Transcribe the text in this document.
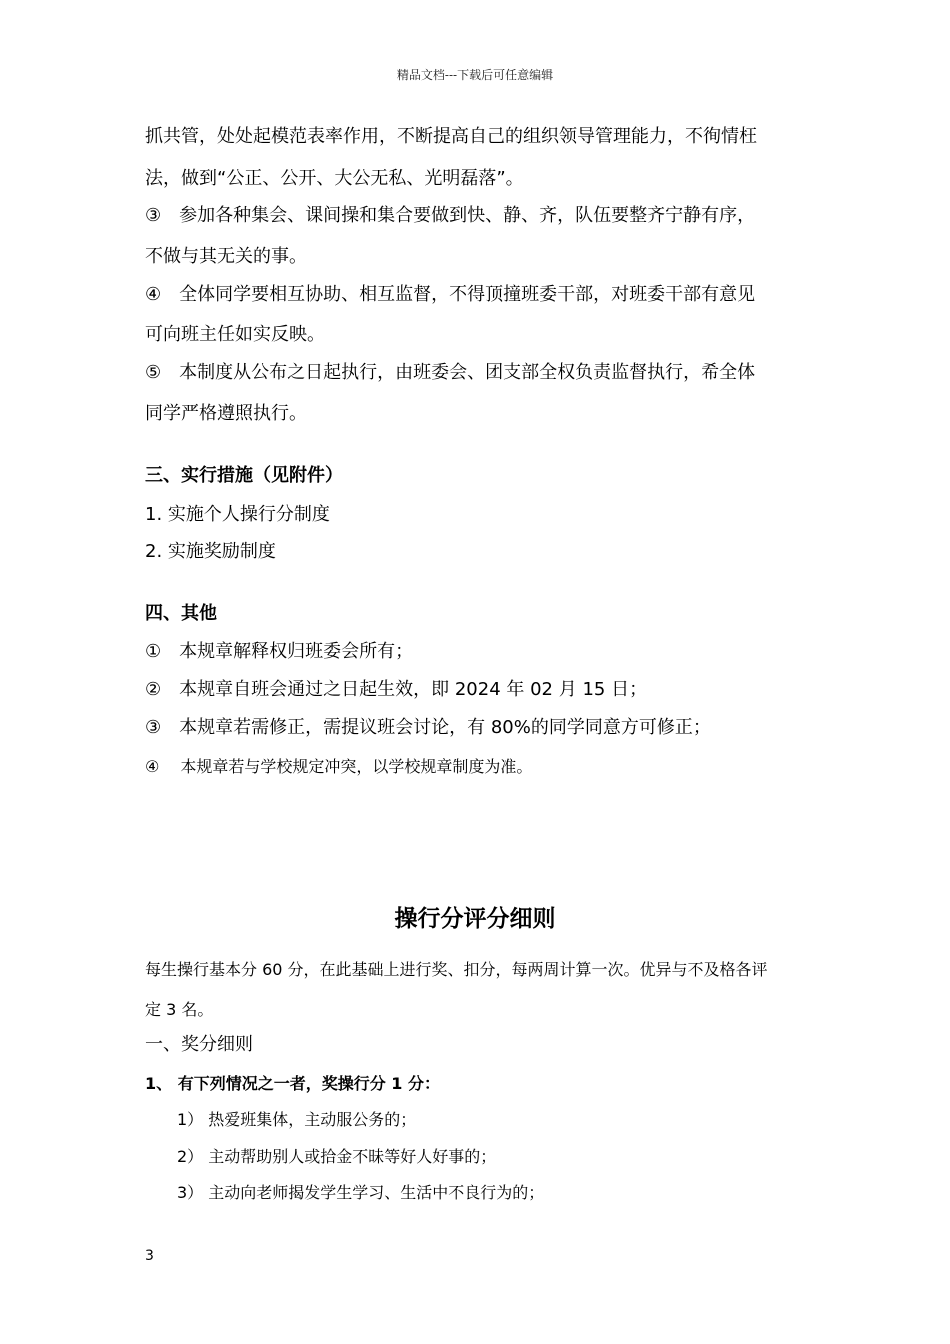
精品文档---下载后可任意编辑
抓共管，处处起模范表率作用，不断提高自己的组织领导管理能力，不徇情枉
法，做到“公正、公开、大公无私、光明磊落”。
③　参加各种集会、课间操和集合要做到快、静、齐，队伍要整齐宁静有序，
不做与其无关的事。
④　全体同学要相互协助、相互监督，不得顶撞班委干部，对班委干部有意见
可向班主任如实反映。
⑤　本制度从公布之日起执行，由班委会、团支部全权负责监督执行，希全体
同学严格遵照执行。
三、实行措施（见附件）
1. 实施个人操行分制度
2. 实施奖励制度
四、其他
①　本规章解释权归班委会所有；
②　本规章自班会通过之日起生效，即 2024 年 02 月 15 日；
③　本规章若需修正，需提议班会讨论，有 80%的同学同意方可修正；
④　 本规章若与学校规定冲突，以学校规章制度为准。
操行分评分细则
每生操行基本分 60 分，在此基础上进行奖、扣分，每两周计算一次。优异与不及格各评
定 3 名。
一、奖分细则
1、 有下列情况之一者，奖操行分 1 分：
1） 热爱班集体，主动服公务的；
2） 主动帮助别人或拾金不昧等好人好事的；
3） 主动向老师揭发学生学习、生活中不良行为的；
3
